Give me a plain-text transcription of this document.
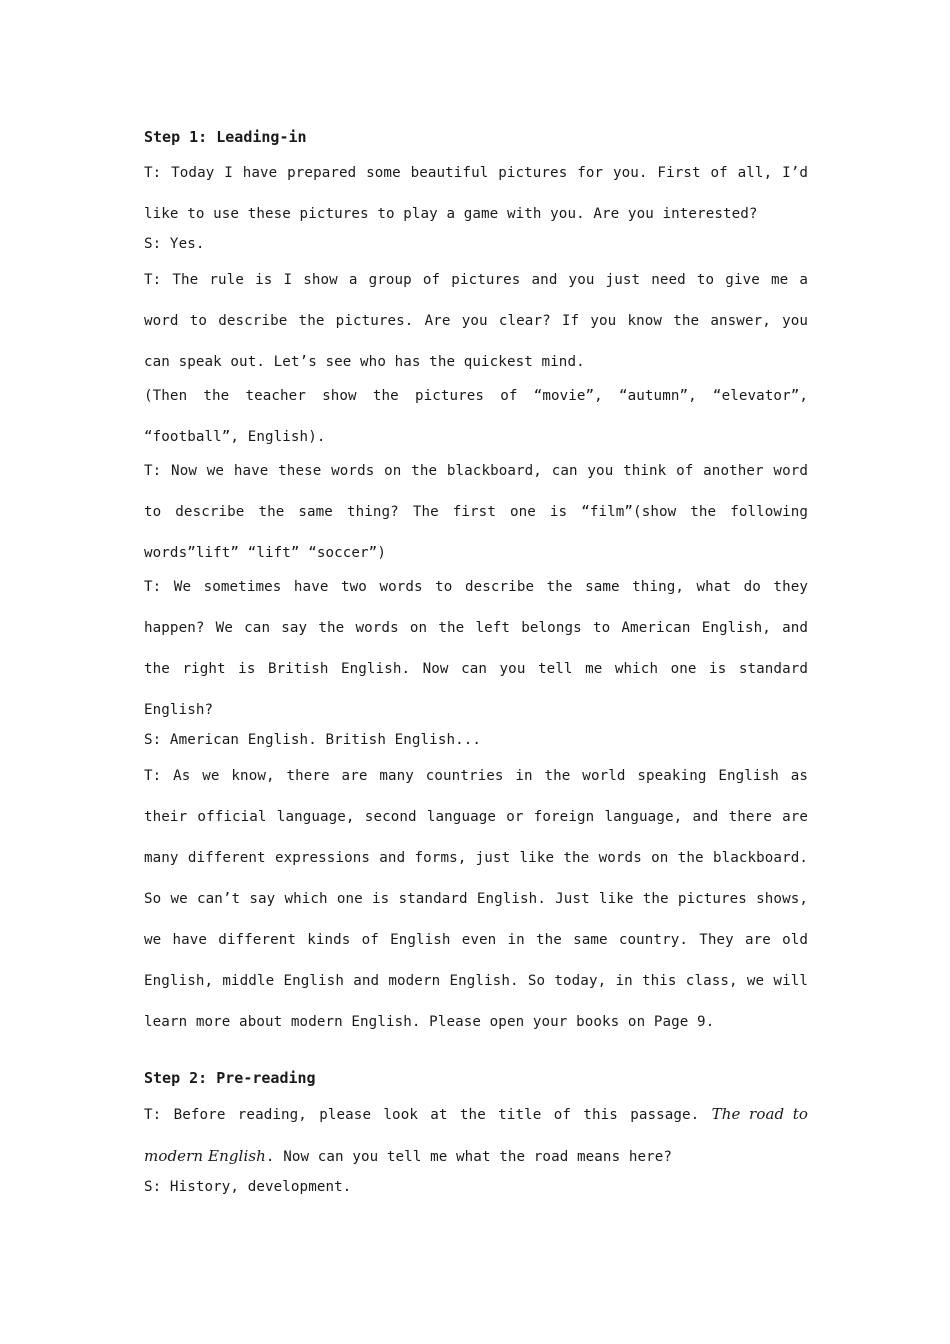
Step 1: Leading-in

T: Today I have prepared some beautiful pictures for you. First of all, I’d like to use these pictures to play a game with you. Are you interested?

S: Yes.

T: The rule is I show a group of pictures and you just need to give me a word to describe the pictures. Are you clear? If you know the answer, you can speak out. Let’s see who has the quickest mind.

(Then the teacher show the pictures of “movie”, “autumn”, “elevator”, “football”, English).

T: Now we have these words on the blackboard, can you think of another word to describe the same thing? The first one is “film”(show the following words”lift” “lift” “soccer”)

T: We sometimes have two words to describe the same thing, what do they happen? We can say the words on the left belongs to American English, and the right is British English. Now can you tell me which one is standard English?

S: American English. British English...

T: As we know, there are many countries in the world speaking English as their official language, second language or foreign language, and there are many different expressions and forms, just like the words on the blackboard. So we can’t say which one is standard English. Just like the pictures shows, we have different kinds of English even in the same country. They are old English, middle English and modern English. So today, in this class, we will learn more about modern English. Please open your books on Page 9.

Step 2: Pre-reading

T: Before reading, please look at the title of this passage. The road to modern English. Now can you tell me what the road means here?

S: History, development.
